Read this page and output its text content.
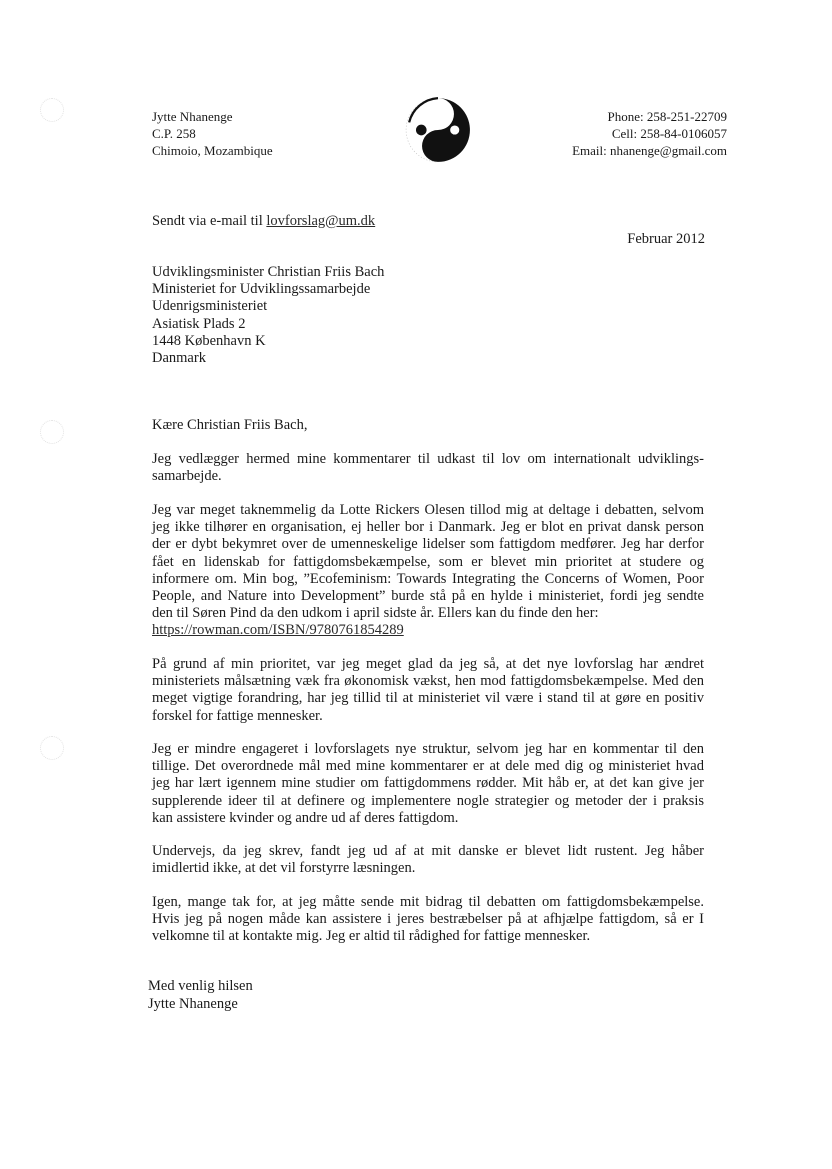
Jytte Nhanenge
C.P. 258
Chimoio, Mozambique
Phone: 258-251-22709
Cell: 258-84-0106057
Email: nhanenge@gmail.com
Sendt via e-mail til lovforslag@um.dk
Februar 2012
Udviklingsminister Christian Friis Bach
Ministeriet for Udviklingssamarbejde
Udenrigsministeriet
Asiatisk Plads 2
1448 København K
Danmark
Kære Christian Friis Bach,
Jeg vedlægger hermed mine kommentarer til udkast til lov om internationalt udviklings-
samarbejde.
Jeg var meget taknemmelig da Lotte Rickers Olesen tillod mig at deltage i debatten, selvom
jeg ikke tilhører en organisation, ej heller bor i Danmark. Jeg er blot en privat dansk person
der er dybt bekymret over de umenneskelige lidelser som fattigdom medfører. Jeg har derfor
fået en lidenskab for fattigdomsbekæmpelse, som er blevet min prioritet at studere og
informere om. Min bog, ”Ecofeminism: Towards Integrating the Concerns of Women, Poor
People, and Nature into Development” burde stå på en hylde i ministeriet, fordi jeg sendte
den til Søren Pind da den udkom i april sidste år. Ellers kan du finde den her:
https://rowman.com/ISBN/9780761854289
På grund af min prioritet, var jeg meget glad da jeg så, at det nye lovforslag har ændret
ministeriets målsætning væk fra økonomisk vækst, hen mod fattigdomsbekæmpelse. Med den
meget vigtige forandring, har jeg tillid til at ministeriet vil være i stand til at gøre en positiv
forskel for fattige mennesker.
Jeg er mindre engageret i lovforslagets nye struktur, selvom jeg har en kommentar til den
tillige. Det overordnede mål med mine kommentarer er at dele med dig og ministeriet hvad
jeg har lært igennem mine studier om fattigdommens rødder. Mit håb er, at det kan give jer
supplerende ideer til at definere og implementere nogle strategier og metoder der i praksis
kan assistere kvinder og andre ud af deres fattigdom.
Undervejs, da jeg skrev, fandt jeg ud af at mit danske er blevet lidt rustent. Jeg håber
imidlertid ikke, at det vil forstyrre læsningen.
Igen, mange tak for, at jeg måtte sende mit bidrag til debatten om fattigdomsbekæmpelse.
Hvis jeg på nogen måde kan assistere i jeres bestræbelser på at afhjælpe fattigdom, så er I
velkomne til at kontakte mig. Jeg er altid til rådighed for fattige mennesker.
Med venlig hilsen
Jytte Nhanenge
